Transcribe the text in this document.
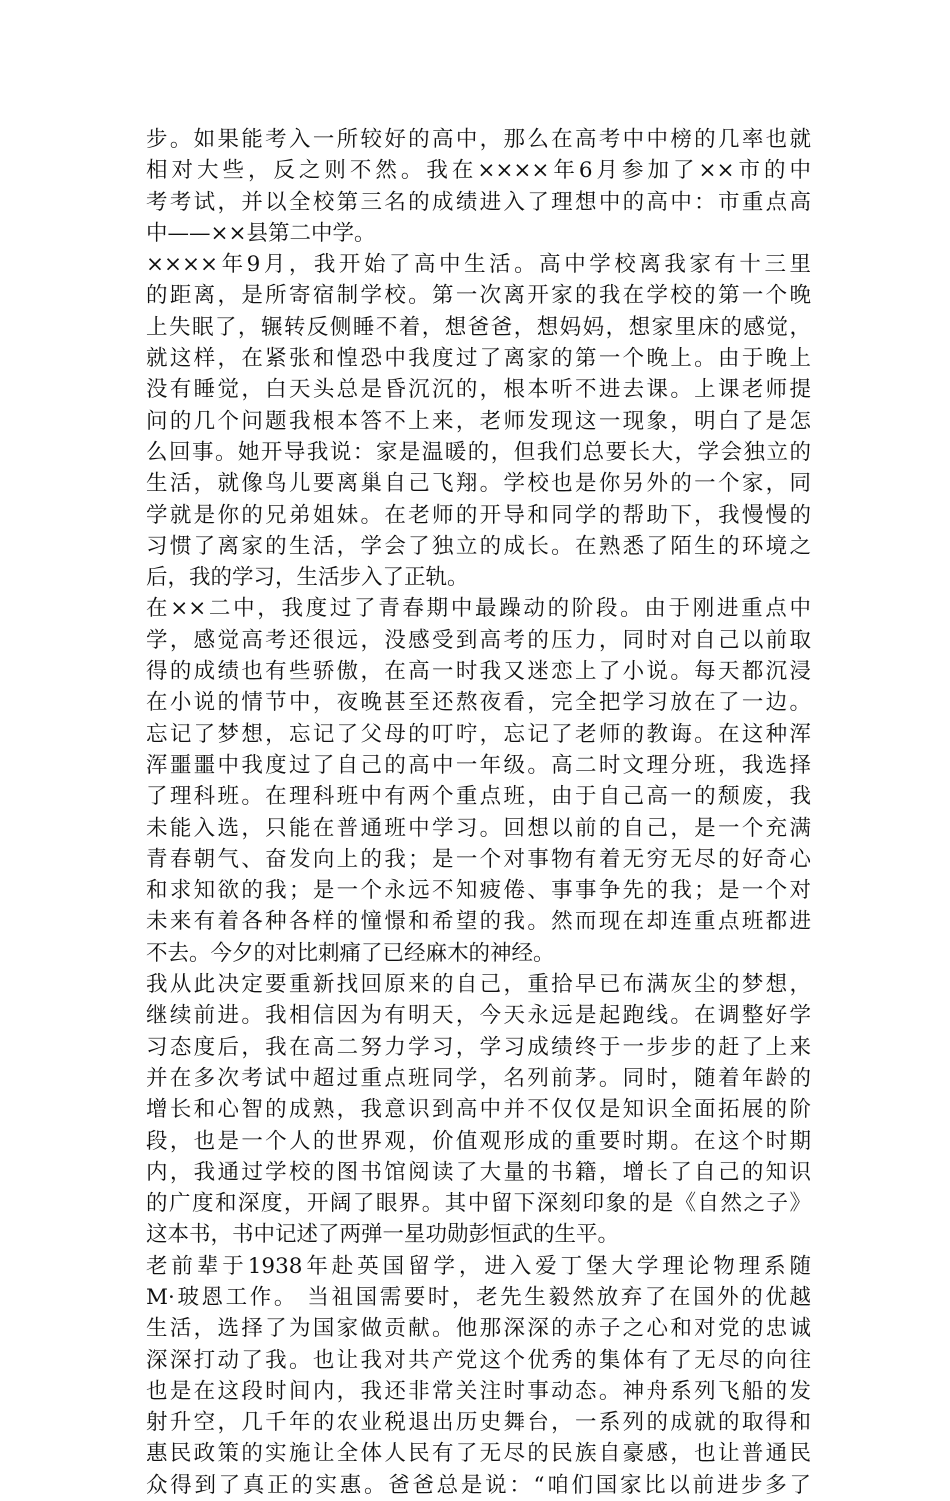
步。如果能考入一所较好的高中，那么在高考中中榜的几率也就
相对大些，反之则不然。我在××××年6月参加了××市的中
考考试，并以全校第三名的成绩进入了理想中的高中：市重点高
中——××县第二中学。
××××年9月，我开始了高中生活。高中学校离我家有十三里
的距离，是所寄宿制学校。第一次离开家的我在学校的第一个晚
上失眠了，辗转反侧睡不着，想爸爸，想妈妈，想家里床的感觉，
就这样，在紧张和惶恐中我度过了离家的第一个晚上。由于晚上
没有睡觉，白天头总是昏沉沉的，根本听不进去课。上课老师提
问的几个问题我根本答不上来，老师发现这一现象，明白了是怎
么回事。她开导我说：家是温暖的，但我们总要长大，学会独立的
生活，就像鸟儿要离巢自己飞翔。学校也是你另外的一个家，同
学就是你的兄弟姐妹。在老师的开导和同学的帮助下，我慢慢的
习惯了离家的生活，学会了独立的成长。在熟悉了陌生的环境之
后，我的学习，生活步入了正轨。
在××二中，我度过了青春期中最躁动的阶段。由于刚进重点中
学，感觉高考还很远，没感受到高考的压力，同时对自己以前取
得的成绩也有些骄傲，在高一时我又迷恋上了小说。每天都沉浸
在小说的情节中，夜晚甚至还熬夜看，完全把学习放在了一边。
忘记了梦想，忘记了父母的叮咛，忘记了老师的教诲。在这种浑
浑噩噩中我度过了自己的高中一年级。高二时文理分班，我选择
了理科班。在理科班中有两个重点班，由于自己高一的颓废，我
未能入选，只能在普通班中学习。回想以前的自己，是一个充满
青春朝气、奋发向上的我；是一个对事物有着无穷无尽的好奇心
和求知欲的我；是一个永远不知疲倦、事事争先的我；是一个对
未来有着各种各样的憧憬和希望的我。然而现在却连重点班都进
不去。今夕的对比刺痛了已经麻木的神经。
我从此决定要重新找回原来的自己，重拾早已布满灰尘的梦想，
继续前进。我相信因为有明天，今天永远是起跑线。在调整好学
习态度后，我在高二努力学习，学习成绩终于一步步的赶了上来
并在多次考试中超过重点班同学，名列前茅。同时，随着年龄的
增长和心智的成熟，我意识到高中并不仅仅是知识全面拓展的阶
段，也是一个人的世界观，价值观形成的重要时期。在这个时期
内，我通过学校的图书馆阅读了大量的书籍，增长了自己的知识
的广度和深度，开阔了眼界。其中留下深刻印象的是《自然之子》
这本书，书中记述了两弹一星功勋彭恒武的生平。
老前辈于1938年赴英国留学，进入爱丁堡大学理论物理系随
M·玻恩工作。 当祖国需要时，老先生毅然放弃了在国外的优越
生活，选择了为国家做贡献。他那深深的赤子之心和对党的忠诚
深深打动了我。也让我对共产党这个优秀的集体有了无尽的向往
也是在这段时间内，我还非常关注时事动态。神舟系列飞船的发
射升空，几千年的农业税退出历史舞台，一系列的成就的取得和
惠民政策的实施让全体人民有了无尽的民族自豪感，也让普通民
众得到了真正的实惠。爸爸总是说：“咱们国家比以前进步多了
